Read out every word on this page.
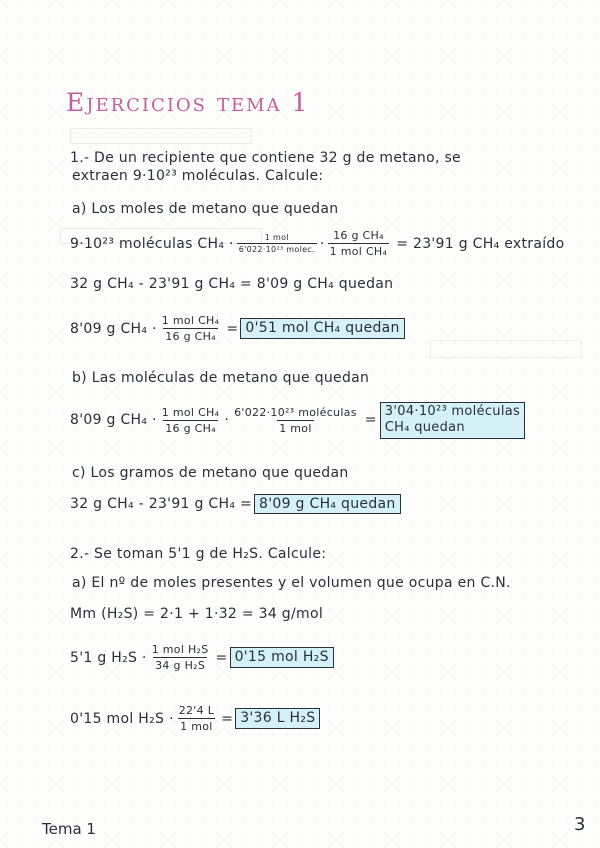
Ejercicios tema 1
1.- De un recipiente que contiene 32 g de metano, se
extraen 9·10²³ moléculas. Calcule:
a) Los moles de metano que quedan
9·10²³ moléculas $CH_4 \cdot \frac{\text{1 mol}}{\text{6'022·10²³ molec.}} \cdot \frac{\text{16 g CH₄}}{\text{1 mol CH₄}} = 23'91$ g CH₄ extraído
32 g CH₄ - 23'91 g CH₄ = 8'09 g CH₄ quedan
8'09 g $CH_4 \cdot \frac{\text{1 mol CH₄}}{\text{16 g CH₄}} = 0'51$ mol CH₄ quedan
b) Las moléculas de metano que quedan
8'09 g $CH_4 \cdot \frac{\text{1 mol CH₄}}{\text{16 g CH₄}} \cdot \frac{\text{6'022·10²³ moléculas}}{\text{1 mol}}$ =
3'04·10²³ moléculas
CH₄ quedan
c) Los gramos de metano que quedan
32 g CH₄ - 23'91 g CH₄ = 8'09 g CH₄ quedan
2.- Se toman 5'1 g de H₂S. Calcule:
a) El nº de moles presentes y el volumen que ocupa en C.N.
Mm (H₂S) = 2·1 + 1·32 = 34 g/mol
5'1 g $H_2S \cdot \frac{\text{1 mol H₂S}}{\text{34 g H₂S}} = 0'15$ mol H₂S
0'15 mol $H_2S \cdot \frac{22'4 L}{\text{1 mol}} = 3'36$ L H₂S
Tema 1	3
